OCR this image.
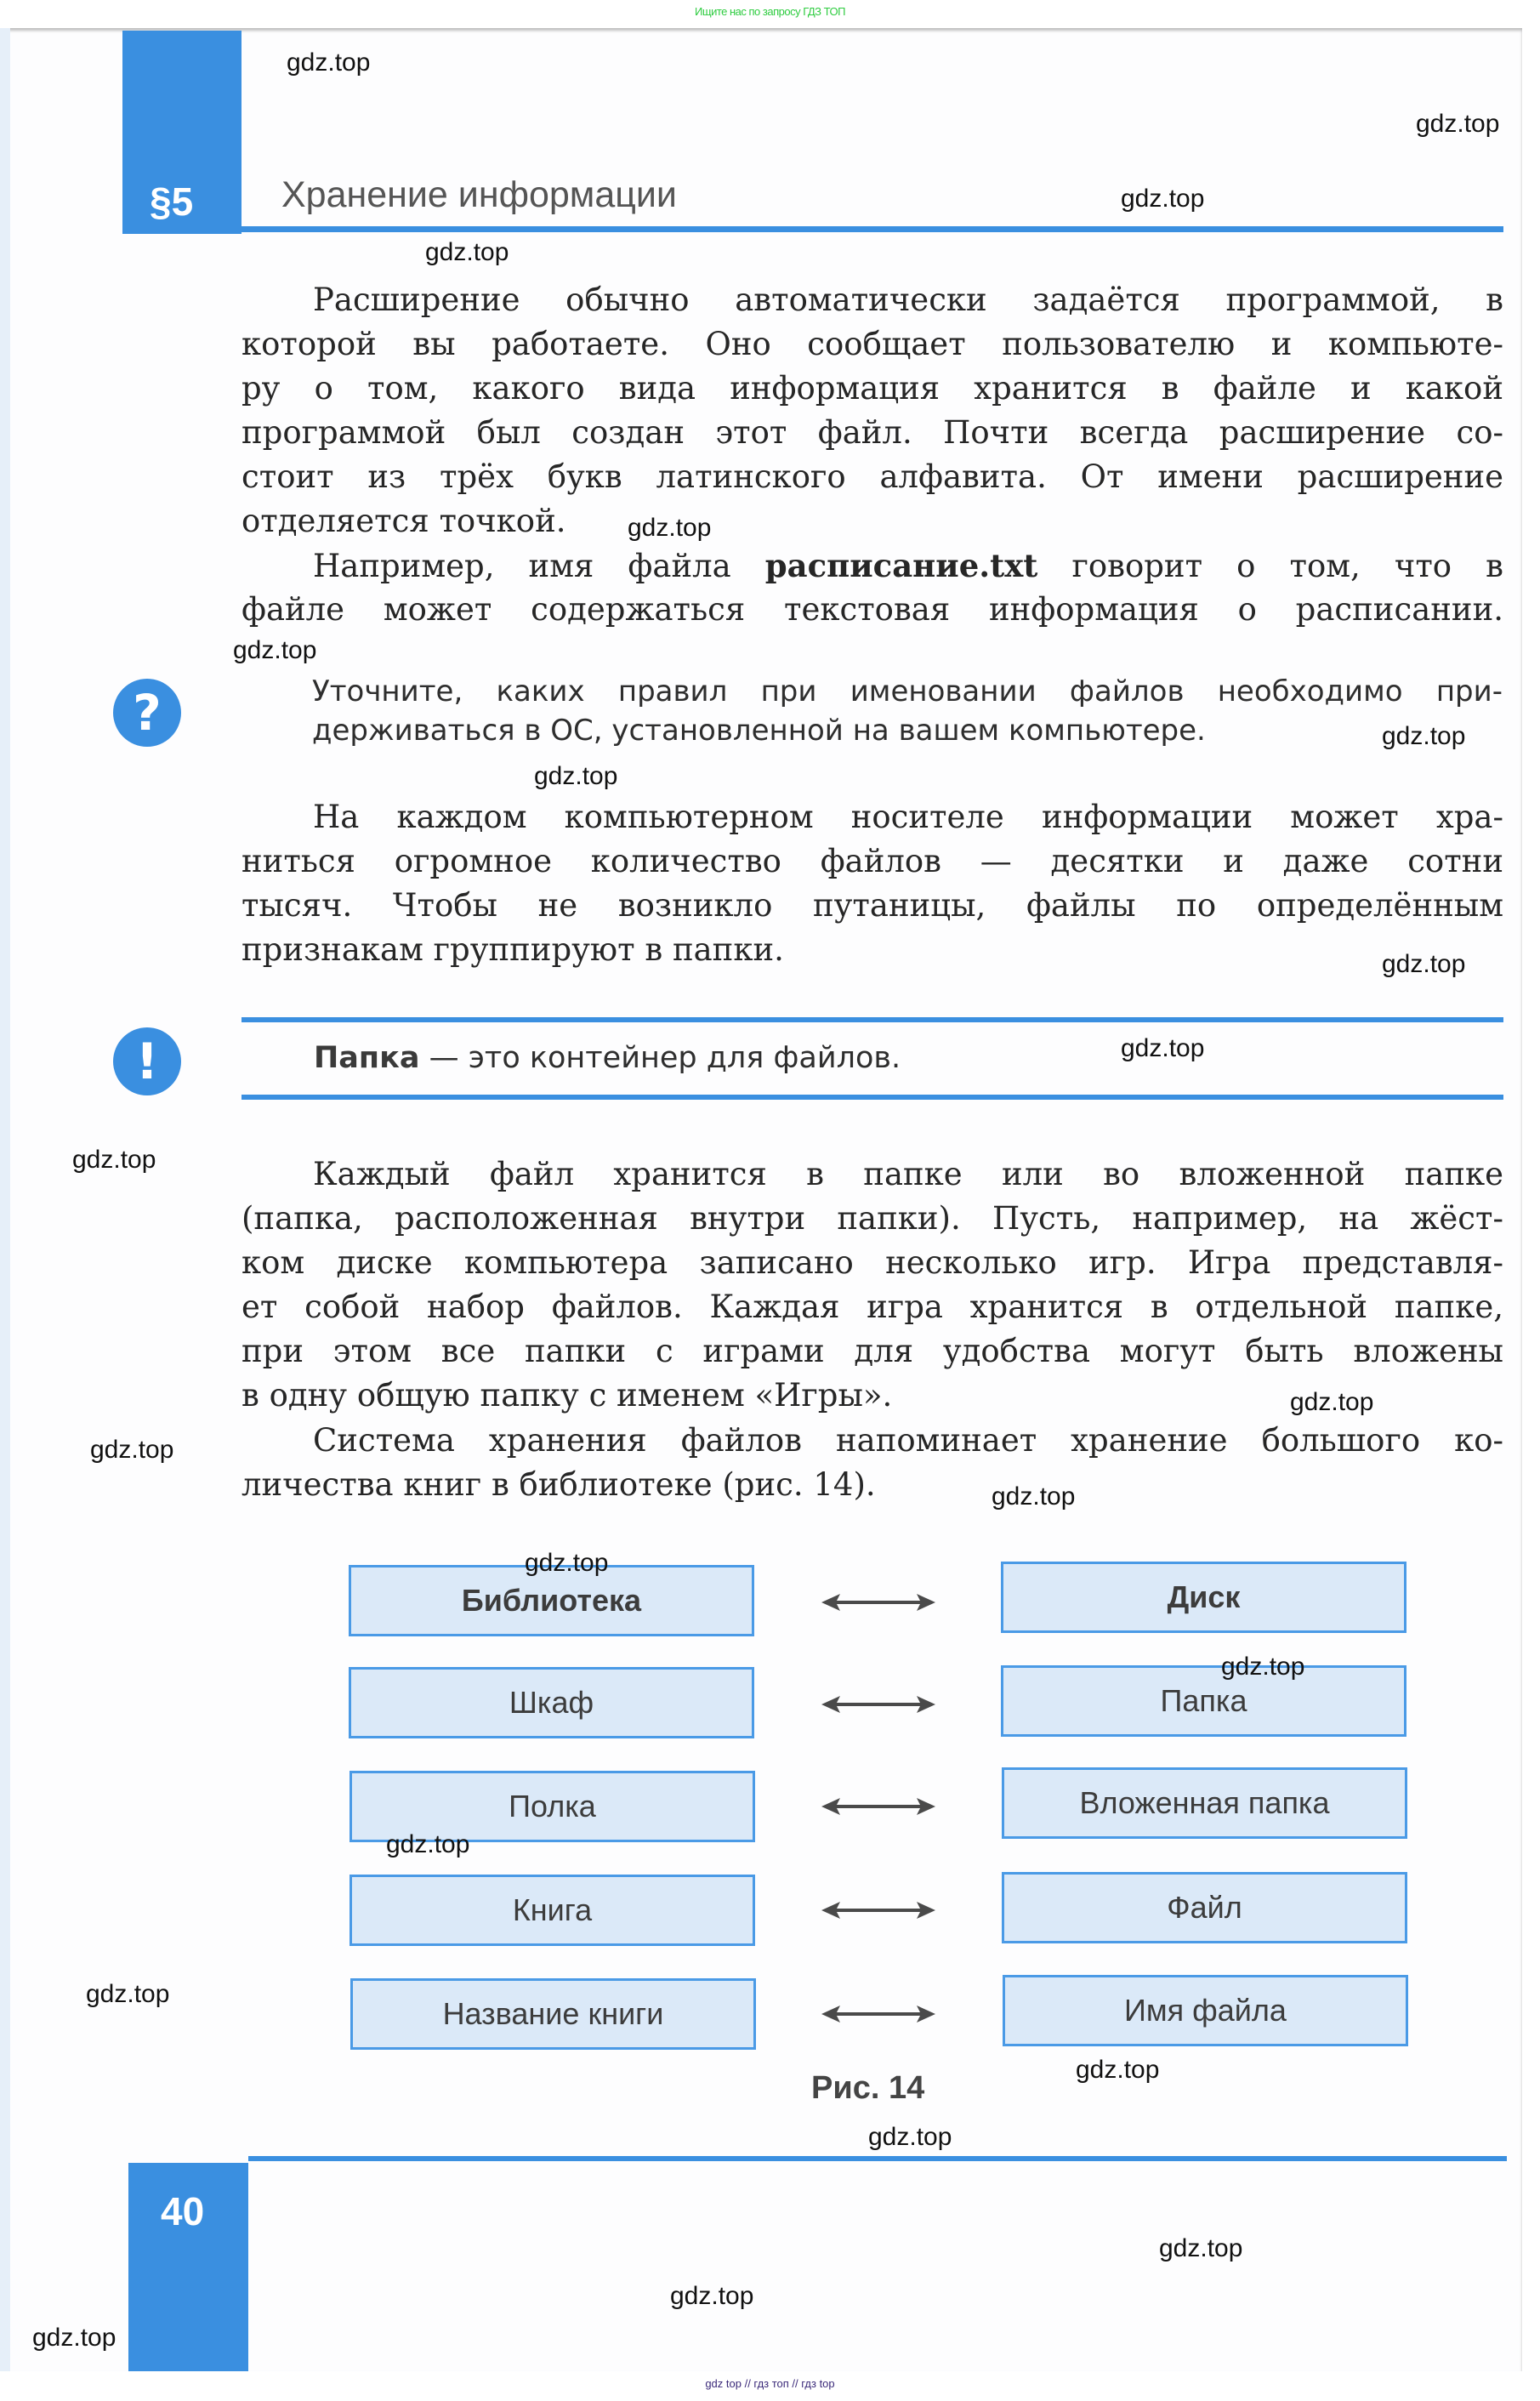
Ищите нас по запросу ГДЗ ТОП
§5 Хранение информации
Расширение обычно автоматически задаётся программой, в
которой вы работаете. Оно сообщает пользователю и компьюте-
ру о том, какого вида информация хранится в файле и какой
программой был создан этот файл. Почти всегда расширение со-
стоит из трёх букв латинского алфавита. От имени расширение
отделяется точкой.
Например, имя файла расписание.txt говорит о том, что в
файле может содержаться текстовая информация о расписании.
?	Уточните, каких правил при именовании файлов необходимо при-
держиваться в ОС, установленной на вашем компьютере.
На каждом компьютерном носителе информации может хра-
ниться огромное количество файлов — десятки и даже сотни
тысяч. Чтобы не возникло путаницы, файлы по определённым
признакам группируют в папки.
!	Папка — это контейнер для файлов.
Каждый файл хранится в папке или во вложенной папке
(папка, расположенная внутри папки). Пусть, например, на жёст-
ком диске компьютера записано несколько игр. Игра представля-
ет собой набор файлов. Каждая игра хранится в отдельной папке,
при этом все папки с играми для удобства могут быть вложены
в одну общую папку с именем «Игры».
Система хранения файлов напоминает хранение большого ко-
личества книг в библиотеке (рис. 14).
Библиотека	Диск
Шкаф	Папка
Полка	Вложенная папка
Книга	Файл
Название книги	Имя файла
Рис. 14
40
gdz.top
gdz.top
gdz.top
gdz.top
gdz.top
gdz.top
gdz.top
gdz.top
gdz.top
gdz.top
gdz.top
gdz.top
gdz.top
gdz.top
gdz.top
gdz.top
gdz.top
gdz.top
gdz.top
gdz.top
gdz.top
gdz.top
gdz.top
gdz top // гдз топ // гдз top
